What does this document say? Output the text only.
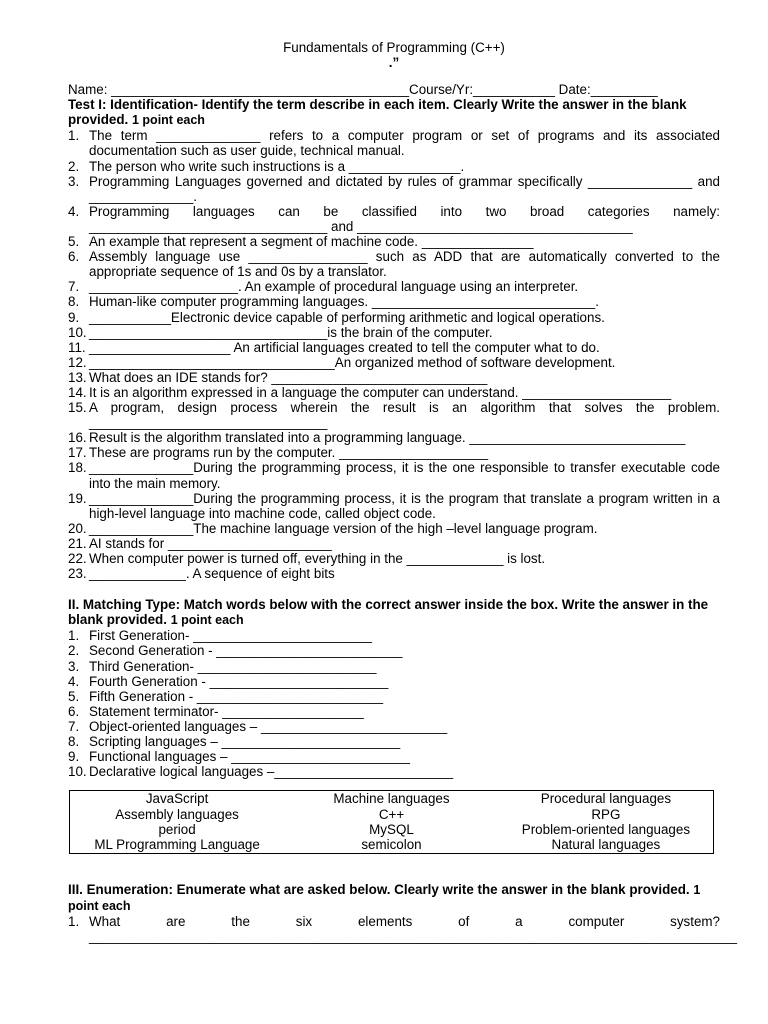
Fundamentals of Programming (C++)
.”
Name: ________________________________________Course/Yr:___________ Date:_________
Test I: Identification- Identify the term describe in each item. Clearly Write the answer in the blank provided. 1 point each
1. The term ______________ refers to a computer program or set of programs and its associated documentation such as user guide, technical manual.
2. The person who write such instructions is a _______________.
3. Programming Languages governed and dictated by rules of grammar specifically ______________ and ______________.
4. Programming languages can be classified into two broad categories namely: ________________________________ and _____________________________________
5. An example that represent a segment of machine code. _______________
6. Assembly language use ________________ such as ADD that are automatically converted to the appropriate sequence of 1s and 0s by a translator.
7. ____________________. An example of procedural language using an interpreter.
8. Human-like computer programming languages. ______________________________.
9. ___________Electronic device capable of performing arithmetic and logical operations.
10. ________________________________is the brain of the computer.
11. ___________________ An artificial languages created to tell the computer what to do.
12. _________________________________An organized method of software development.
13. What does an IDE stands for? _____________________________
14. It is an algorithm expressed in a language the computer can understand. ____________________
15. A program, design process wherein the result is an algorithm that solves the problem. ________________________________
16. Result is the algorithm translated into a programming language. _____________________________
17. These are programs run by the computer. ____________________
18. ______________During the programming process, it is the one responsible to transfer executable code into the main memory.
19. ______________During the programming process, it is the program that translate a program written in a high-level language into machine code, called object code.
20. ______________The machine language version of the high –level language program.
21. AI stands for ______________________
22. When computer power is turned off, everything in the _____________ is lost.
23. _____________. A sequence of eight bits
II. Matching Type: Match words below with the correct answer inside the box. Write the answer in the blank provided. 1 point each
1. First Generation- ________________________
2. Second Generation - _________________________
3. Third Generation- ________________________
4. Fourth Generation - ________________________
5. Fifth Generation - _________________________
6. Statement terminator- ___________________
7. Object-oriented languages – _________________________
8. Scripting languages – ________________________
9. Functional languages – ________________________
10. Declarative logical languages –________________________
JavaScript	Machine languages	Procedural languages
Assembly languages	C++	RPG
period	MySQL	Problem-oriented languages
ML Programming Language	semicolon	Natural languages
III. Enumeration: Enumerate what are asked below. Clearly write the answer in the blank provided. 1 point each
1. What are the six elements of a computer system? _______________________________________________________________________________________
